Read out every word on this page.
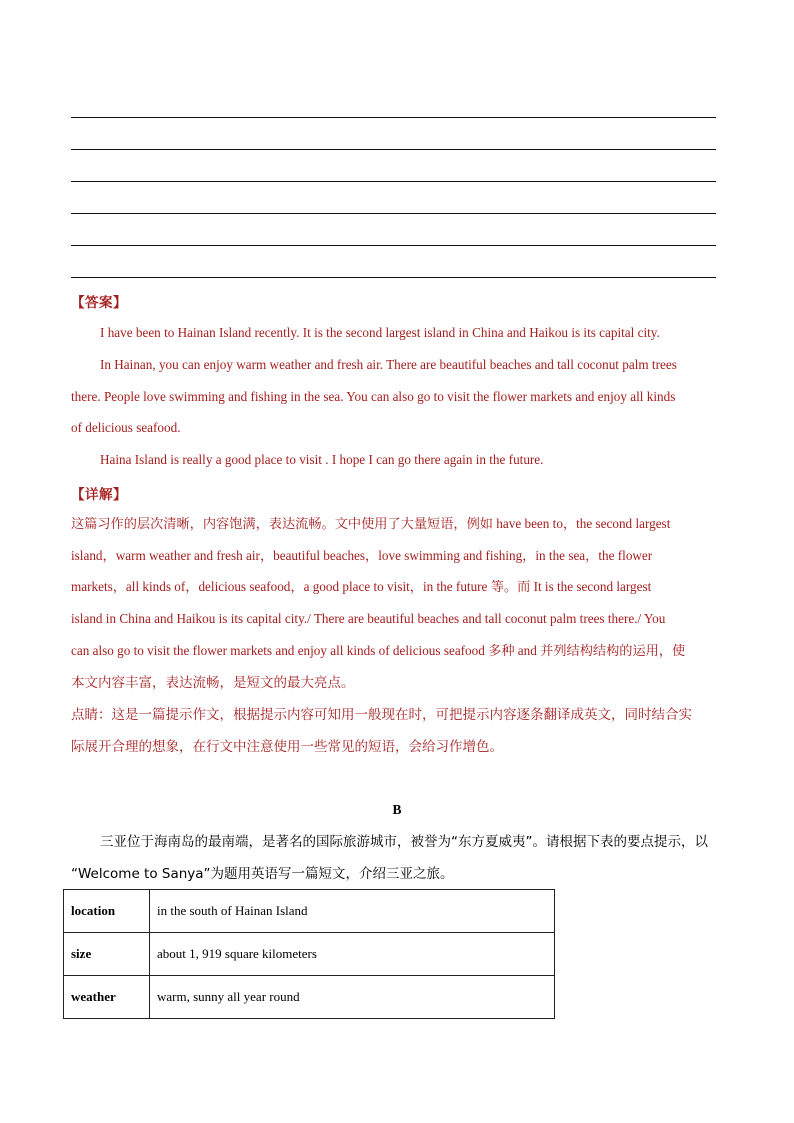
【答案】
I have been to Hainan Island recently. It is the second largest island in China and Haikou is its capital city.
In Hainan, you can enjoy warm weather and fresh air. There are beautiful beaches and tall coconut palm trees
there. People love swimming and fishing in the sea. You can also go to visit the flower markets and enjoy all kinds
of delicious seafood.
Haina Island is really a good place to visit . I hope I can go there again in the future.
【详解】
这篇习作的层次清晰，内容饱满，表达流畅。文中使用了大量短语，例如 have been to，the second largest
island，warm weather and fresh air，beautiful beaches，love swimming and fishing，in the sea，the flower
markets，all kinds of，delicious seafood，a good place to visit，in the future 等。而 It is the second largest
island in China and Haikou is its capital city./ There are beautiful beaches and tall coconut palm trees there./ You
can also go to visit the flower markets and enjoy all kinds of delicious seafood 多种 and 并列结构结构的运用，使
本文内容丰富，表达流畅，是短文的最大亮点。
点睛：这是一篇提示作文，根据提示内容可知用一般现在时，可把提示内容逐条翻译成英文，同时结合实
际展开合理的想象，在行文中注意使用一些常见的短语，会给习作增色。
B
三亚位于海南岛的最南端，是著名的国际旅游城市，被誉为“东方夏威夷”。请根据下表的要点提示，以
“Welcome to Sanya”为题用英语写一篇短文，介绍三亚之旅。
location	in the south of Hainan Island
size	about 1, 919 square kilometers
weather	warm, sunny all year round
